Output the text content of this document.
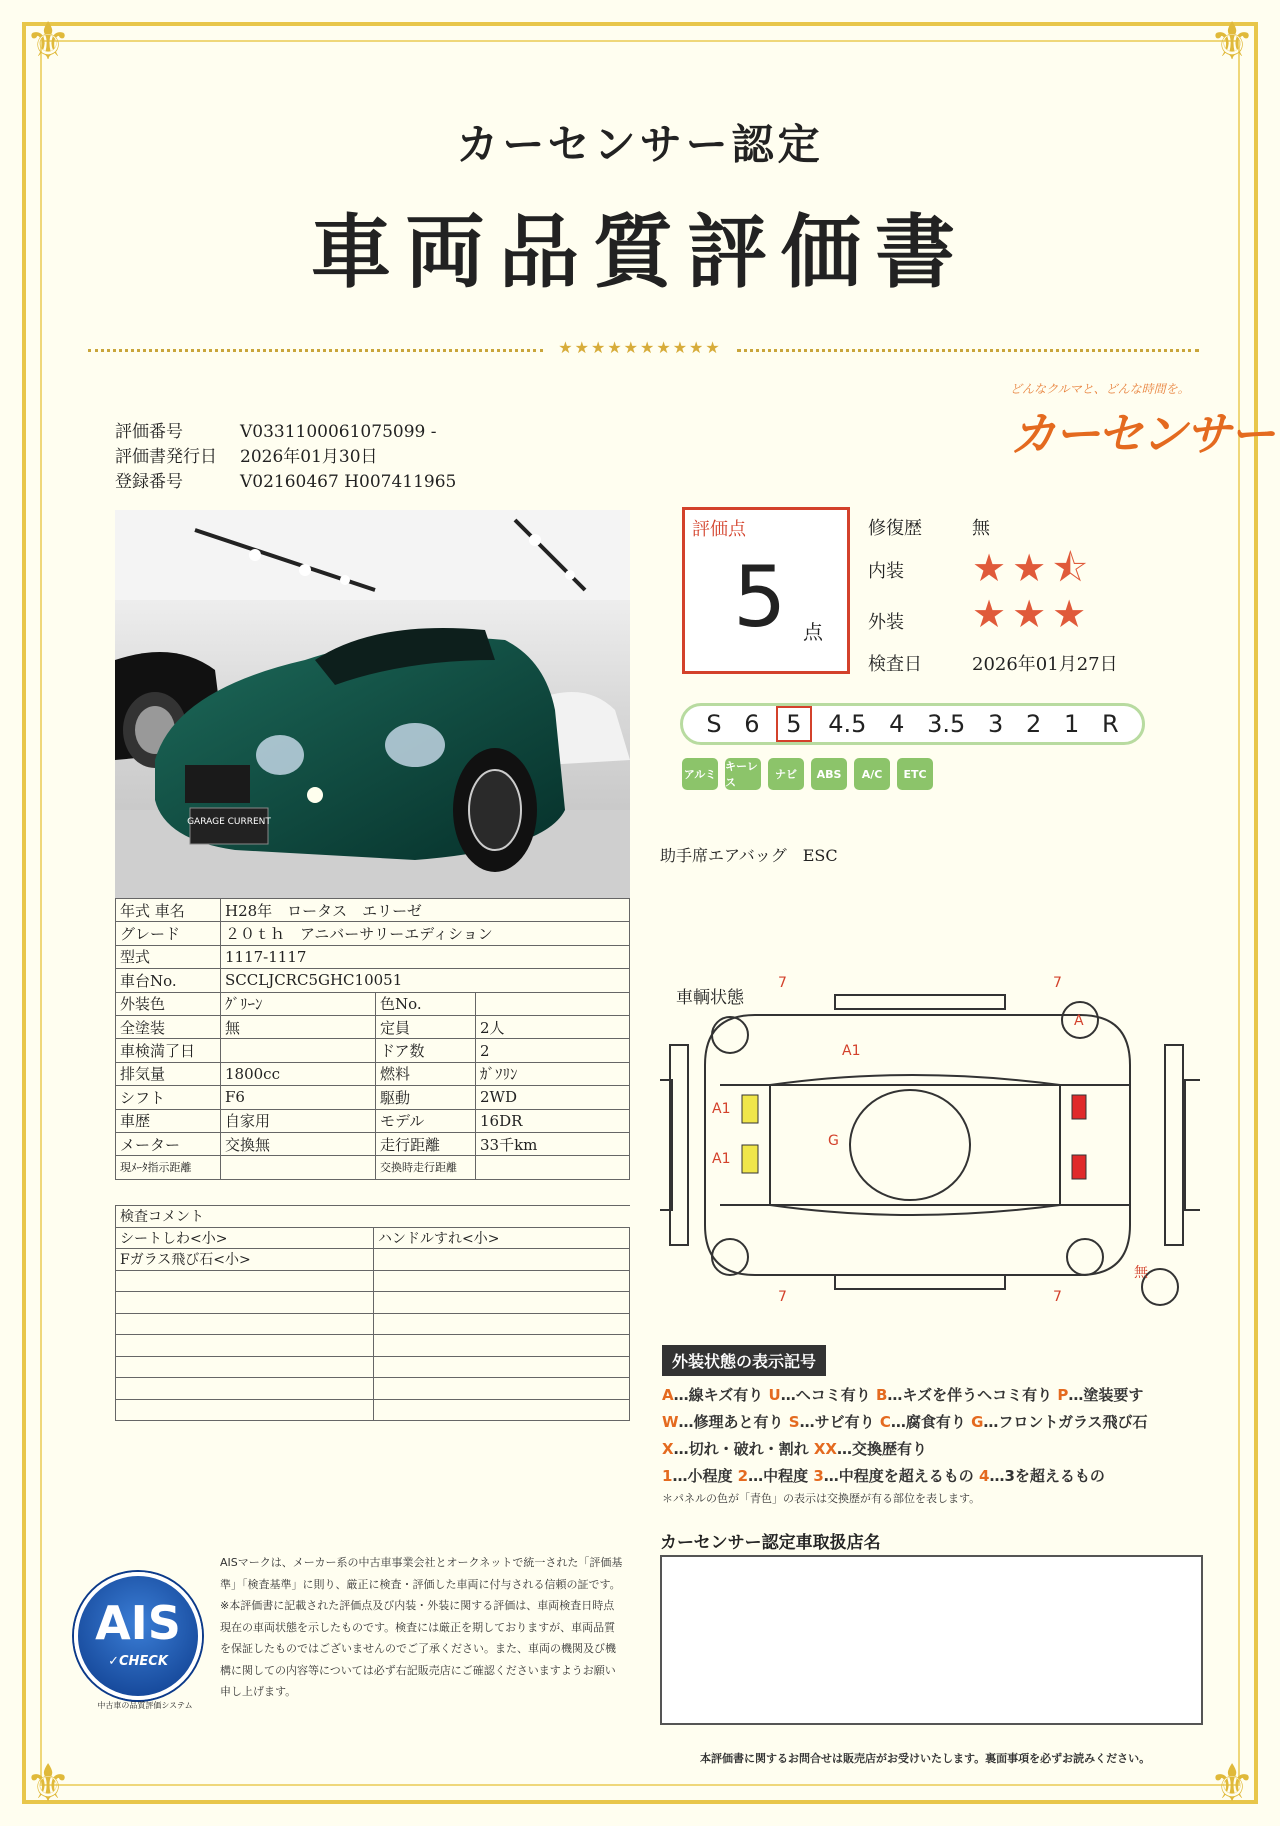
⚜	⚜
⚜	⚜
カーセンサー認定
車両品質評価書
★★★★★★★★★★
どんなクルマと、どんな時間を。
カーセンサー
評価番号	V0331100061075099 -
評価書発行日 2026年01月30日
登録番号	V02160467 H007411965
GARAGE CURRENT
年式 車名	H28年　ロータス　エリーゼ		
グレード	２０ｔｈ　アニバーサリーエディション		
型式	1117-1117		
車台No.	SCCLJCRC5GHC10051		
外装色	ｸﾞﾘｰﾝ	色No.	
全塗装	無	定員	2人
車検満了日		ドア数	2
排気量	1800cc	燃料	ｶﾞｿﾘﾝ
シフト	F6	駆動	2WD
車歴	自家用	モデル	16DR
メーター	交換無	走行距離	33千km
現ﾒｰﾀ指示距離		交換時走行距離	
検査コメント	
シートしわ<小>	ハンドルすれ<小>
Fガラス飛び石<小>	

評価点
5 点
修復歴	無
内装 ★★⯪
外装 ★★★
検査日	2026年01月27日
S 6	5	4.5 4 3.5 3 2 1 R
アルミ
キーレス
ナビ	ABS	A/C	ETC
助手席エアバッグ　ESC
車輌状態
7	7
A
A1
A1
A1
G
7	7
無
外装状態の表示記号
A…線キズ有り U…ヘコミ有り B…キズを伴うヘコミ有り P…塗装要す
W…修理あと有り S…サビ有り C…腐食有り G…フロントガラス飛び石
X…切れ・破れ・割れ XX…交換歴有り
1…小程度 2…中程度 3…中程度を超えるもの 4…3を超えるもの
＊パネルの色が「青色」の表示は交換歴が有る部位を表します。
カーセンサー認定車取扱店名
AIS
✓CHECK
中古車の品質評価システム
AISマークは、メーカー系の中古車事業会社とオークネットで統一された「評価基準」「検査基準」に則り、厳正に検査・評価した車両に付与される信頼の証です。※本評価書に記載された評価点及び内装・外装に関する評価は、車両検査日時点現在の車両状態を示したものです。検査には厳正を期しておりますが、車両品質を保証したものではございませんのでご了承ください。また、車両の機関及び機構に関しての内容等については必ず右記販売店にご確認くださいますようお願い申し上げます。
本評価書に関するお問合せは販売店がお受けいたします。裏面事項を必ずお読みください。
